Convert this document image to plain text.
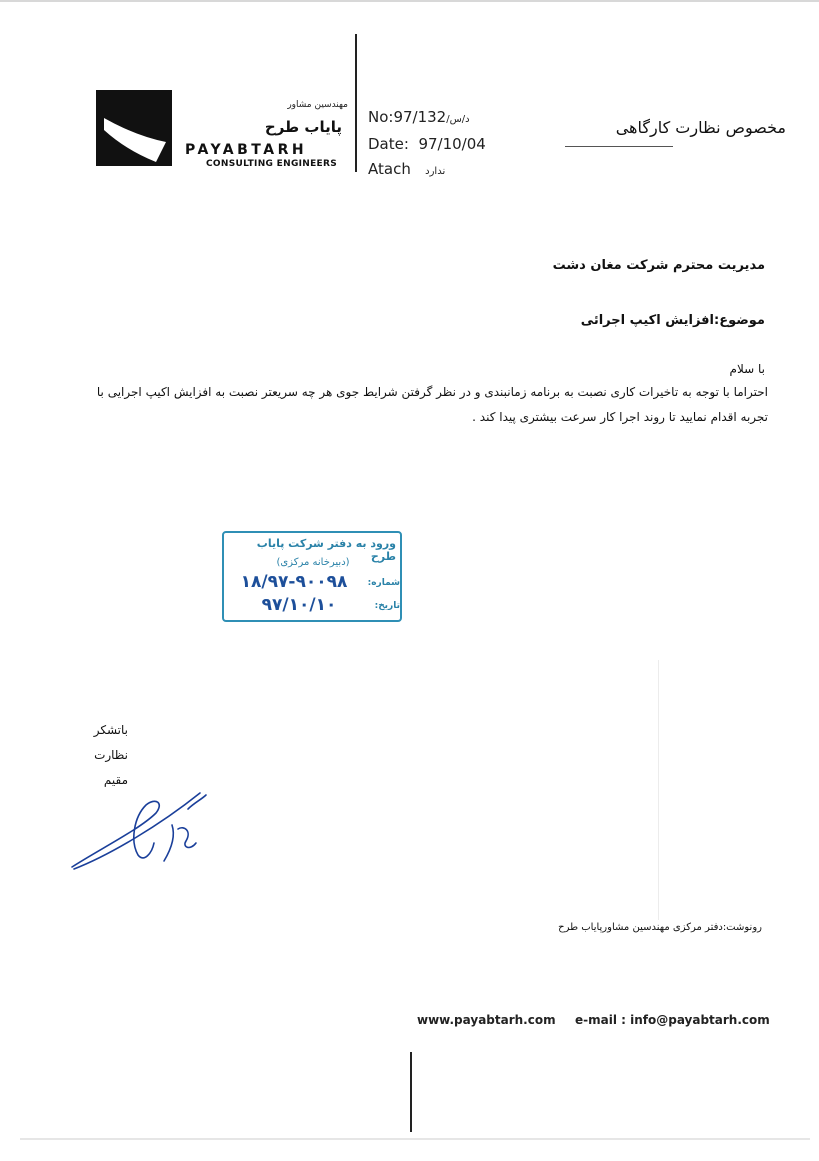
مهندسین مشاور
پایاب طرح
PAYABTARH
CONSULTING ENGINEERS
No:97/	د/س/132
Date: 97/10/04
Atach ندارد
مخصوص نظارت کارگاهی
مدیریت محترم شرکت مغان دشت
موضوع:افزایش اکیپ اجرائی
با سلام
احتراما با توجه به تاخیرات کاری نصبت به برنامه زمانبندی و در نظر گرفتن شرایط جوی هر چه سریعتر نصبت به افزایش اکیپ اجرایی با تجربه اقدام نمایید تا روند اجرا کار سرعت بیشتری پیدا کند .
ورود به دفتر شرکت پایاب طرح
(دبیرخانه مرکزی)
شماره:
۱۸/۹۷-۹۰۰۹۸
تاریخ:
۹۷/۱۰/۱۰
باتشکر
نظارت
مقیم
رونوشت:دفتر مرکزی مهندسین مشاورپایاب طرح
www.payabtarh.com e-mail : info@payabtarh.com
